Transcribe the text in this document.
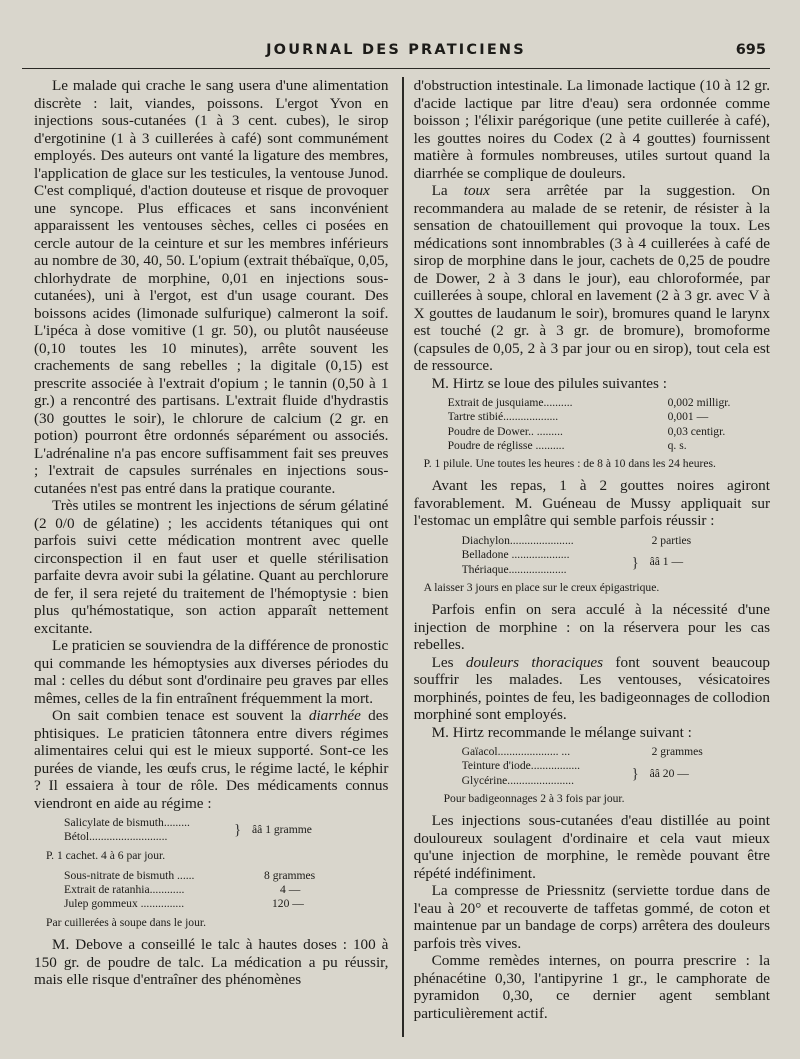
JOURNAL DES PRATICIENS	695

Le malade qui crache le sang usera d'une alimentation discrète : lait, viandes, poissons. L'ergot Yvon en injections sous-cutanées (1 à 3 cent. cubes), le sirop d'ergotinine (1 à 3 cuillerées à café) sont communément employés. Des auteurs ont vanté la ligature des membres, l'application de glace sur les testicules, la ventouse Junod. C'est compliqué, d'action douteuse et risque de provoquer une syncope. Plus efficaces et sans inconvénient apparaissent les ventouses sèches, celles ci posées en cercle autour de la ceinture et sur les membres inférieurs au nombre de 30, 40, 50. L'opium (extrait thébaïque, 0,05, chlorhydrate de morphine, 0,01 en injections sous-cutanées), uni à l'ergot, est d'un usage courant. Des boissons acides (limonade sulfurique) calmeront la soif. L'ipéca à dose vomitive (1 gr. 50), ou plutôt nauséeuse (0,10 toutes les 10 minutes), arrête souvent les crachements de sang rebelles ; la digitale (0,15) est prescrite associée à l'extrait d'opium ; le tannin (0,50 à 1 gr.) a rencontré des partisans. L'extrait fluide d'hydrastis (30 gouttes le soir), le chlorure de calcium (2 gr. en potion) pourront être ordonnés séparément ou associés. L'adrénaline n'a pas encore suffisamment fait ses preuves ; l'extrait de capsules surrénales en injections sous-cutanées n'est pas entré dans la pratique courante.

Très utiles se montrent les injections de sérum gélatiné (2 0/0 de gélatine) ; les accidents tétaniques qui ont parfois suivi cette médication montrent avec quelle circonspection il en faut user et quelle stérilisation parfaite devra avoir subi la gélatine. Quant au perchlorure de fer, il sera rejeté du traitement de l'hémoptysie : bien plus qu'hémostatique, son action apparaît nettement excitante.

Le praticien se souviendra de la différence de pronostic qui commande les hémoptysies aux diverses périodes du mal : celles du début sont d'ordinaire peu graves par elles mêmes, celles de la fin entraînent fréquemment la mort.

On sait combien tenace est souvent la diarrhée des phtisiques. Le praticien tâtonnera entre divers régimes alimentaires celui qui est le mieux supporté. Sont-ce les purées de viande, les œufs crus, le régime lacté, le képhir ? Il essaiera à tour de rôle. Des médicaments connus viendront en aide au régime :

Salicylate de bismuth.........
Bétol...........................	} ââ 1 gramme
P. 1 cachet. 4 à 6 par jour.
Sous-nitrate de bismuth ......	8 grammes
Extrait de ratanhia............	4 —
Julep gommeux ...............	120 —
Par cuillerées à soupe dans le jour.

M. Debove a conseillé le talc à hautes doses : 100 à 150 gr. de poudre de talc. La médication a pu réussir, mais elle risque d'entraîner des phénomènes

d'obstruction intestinale. La limonade lactique (10 à 12 gr. d'acide lactique par litre d'eau) sera ordonnée comme boisson ; l'élixir parégorique (une petite cuillerée à café), les gouttes noires du Codex (2 à 4 gouttes) fournissent matière à formules nombreuses, utiles surtout quand la diarrhée se complique de douleurs.

La toux sera arrêtée par la suggestion. On recommandera au malade de se retenir, de résister à la sensation de chatouillement qui provoque la toux. Les médications sont innombrables (3 à 4 cuillerées à café de sirop de morphine dans le jour, cachets de 0,25 de poudre de Dower, 2 à 3 dans le jour), eau chloroformée, par cuillerées à soupe, chloral en lavement (2 à 3 gr. avec V à X gouttes de laudanum le soir), bromures quand le larynx est touché (2 gr. à 3 gr. de bromure), bromoforme (capsules de 0,05, 2 à 3 par jour ou en sirop), tout cela est de ressource.

M. Hirtz se loue des pilules suivantes :

Extrait de jusquiame..........	0,002 milligr.
Tartre stibié...................	0,001 —
Poudre de Dower.. .........	0,03 centigr.
Poudre de réglisse ..........	q. s.
P. 1 pilule. Une toutes les heures : de 8 à 10 dans les 24 heures.

Avant les repas, 1 à 2 gouttes noires agiront favorablement. M. Guéneau de Mussy appliquait sur l'estomac un emplâtre qui semble parfois réussir :

Diachylon......................	2 parties
Belladone ....................
Thériaque....................	} ââ 1 —
A laisser 3 jours en place sur le creux épigastrique.

Parfois enfin on sera acculé à la nécessité d'une injection de morphine : on la réservera pour les cas rebelles.

Les douleurs thoraciques font souvent beaucoup souffrir les malades. Les ventouses, vésicatoires morphinés, pointes de feu, les badigeonnages de collodion morphiné sont employés.

M. Hirtz recommande le mélange suivant :

Gaïacol..................... ...	2 grammes
Teinture d'iode.................
Glycérine.......................	} ââ 20 —
Pour badigeonnages 2 à 3 fois par jour.

Les injections sous-cutanées d'eau distillée au point douloureux soulagent d'ordinaire et cela vaut mieux qu'une injection de morphine, le remède pouvant être répété indéfiniment.

La compresse de Priessnitz (serviette tordue dans de l'eau à 20° et recouverte de taffetas gommé, de coton et maintenue par un bandage de corps) arrêtera des douleurs parfois très vives.

Comme remèdes internes, on pourra prescrire : la phénacétine 0,30, l'antipyrine 1 gr., le camphorate de pyramidon 0,30, ce dernier agent semblant particulièrement actif.
